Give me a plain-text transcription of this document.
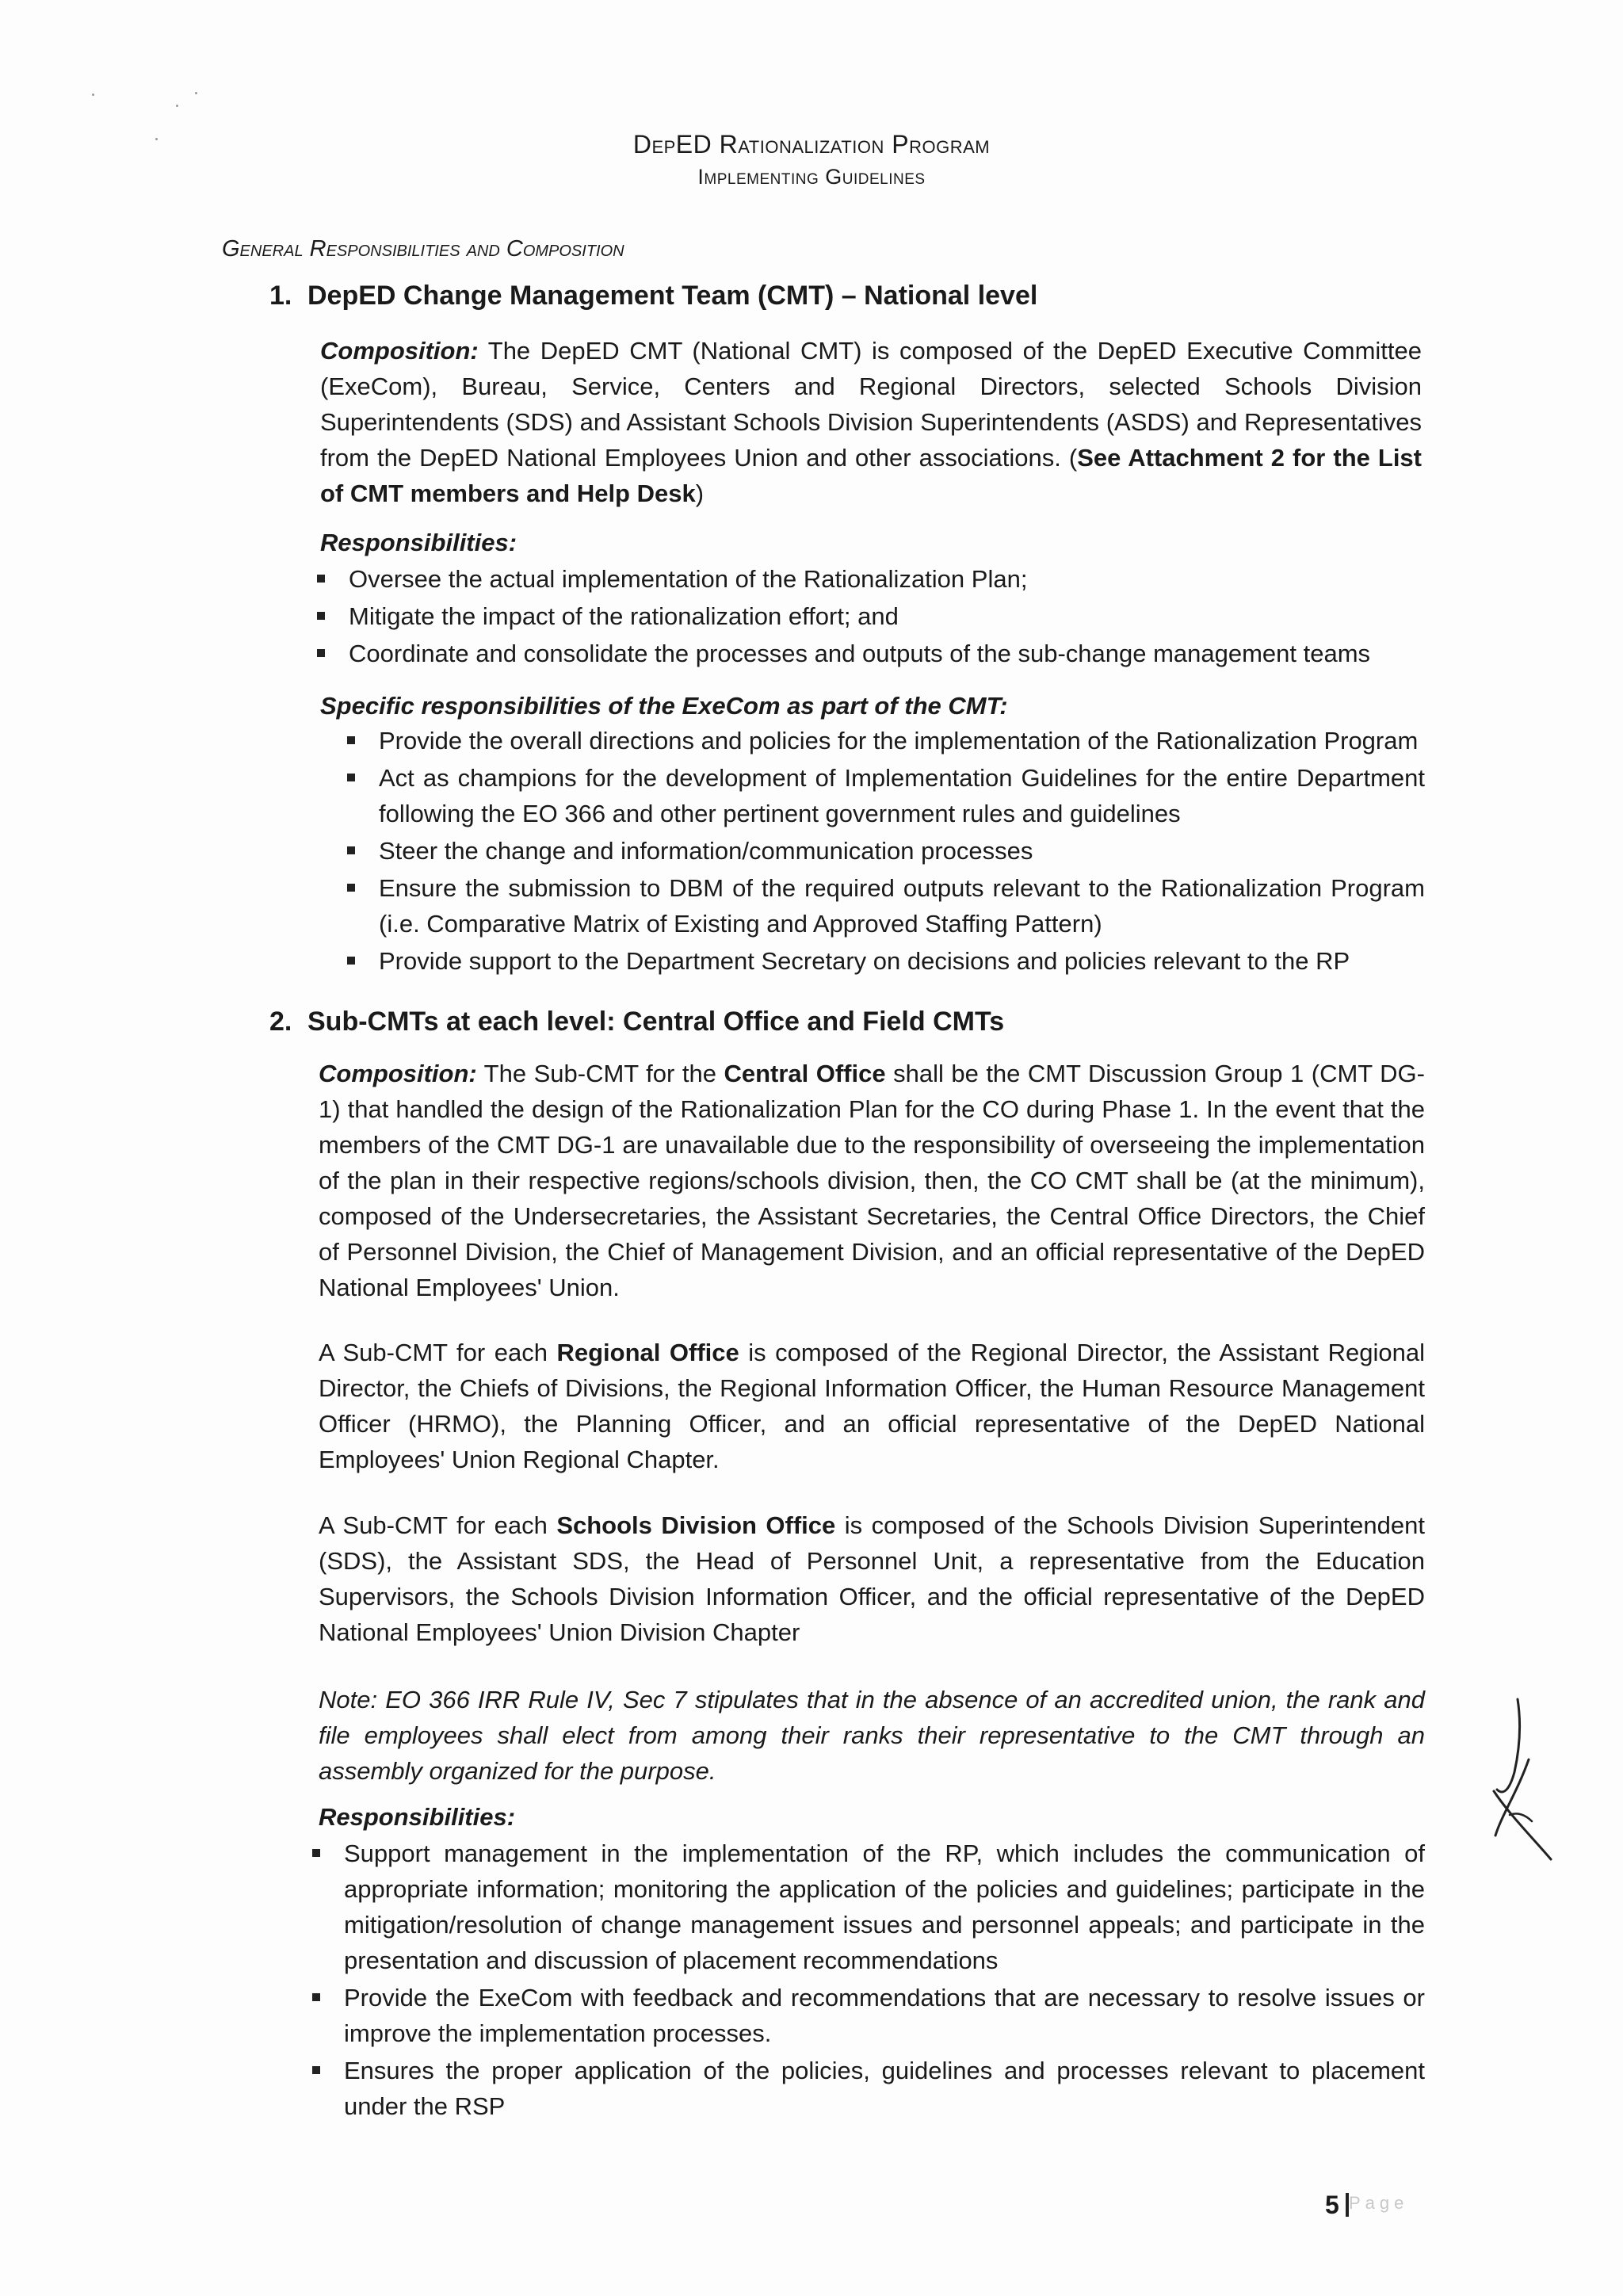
DepED Rationalization Program
Implementing Guidelines
General Responsibilities and Composition
1. DepED Change Management Team (CMT) – National level
Composition: The DepED CMT (National CMT) is composed of the DepED Executive Committee (ExeCom), Bureau, Service, Centers and Regional Directors, selected Schools Division Superintendents (SDS) and Assistant Schools Division Superintendents (ASDS) and Representatives from the DepED National Employees Union and other associations. (See Attachment 2 for the List of CMT members and Help Desk)
Responsibilities:
Oversee the actual implementation of the Rationalization Plan;
Mitigate the impact of the rationalization effort; and
Coordinate and consolidate the processes and outputs of the sub-change management teams
Specific responsibilities of the ExeCom as part of the CMT:
Provide the overall directions and policies for the implementation of the Rationalization Program
Act as champions for the development of Implementation Guidelines for the entire Department following the EO 366 and other pertinent government rules and guidelines
Steer the change and information/communication processes
Ensure the submission to DBM of the required outputs relevant to the Rationalization Program (i.e. Comparative Matrix of Existing and Approved Staffing Pattern)
Provide support to the Department Secretary on decisions and policies relevant to the RP
2. Sub-CMTs at each level: Central Office and Field CMTs
Composition: The Sub-CMT for the Central Office shall be the CMT Discussion Group 1 (CMT DG-1) that handled the design of the Rationalization Plan for the CO during Phase 1. In the event that the members of the CMT DG-1 are unavailable due to the responsibility of overseeing the implementation of the plan in their respective regions/schools division, then, the CO CMT shall be (at the minimum), composed of the Undersecretaries, the Assistant Secretaries, the Central Office Directors, the Chief of Personnel Division, the Chief of Management Division, and an official representative of the DepED National Employees' Union.
A Sub-CMT for each Regional Office is composed of the Regional Director, the Assistant Regional Director, the Chiefs of Divisions, the Regional Information Officer, the Human Resource Management Officer (HRMO), the Planning Officer, and an official representative of the DepED National Employees' Union Regional Chapter.
A Sub-CMT for each Schools Division Office is composed of the Schools Division Superintendent (SDS), the Assistant SDS, the Head of Personnel Unit, a representative from the Education Supervisors, the Schools Division Information Officer, and the official representative of the DepED National Employees' Union Division Chapter
Note: EO 366 IRR Rule IV, Sec 7 stipulates that in the absence of an accredited union, the rank and file employees shall elect from among their ranks their representative to the CMT through an assembly organized for the purpose.
Responsibilities:
Support management in the implementation of the RP, which includes the communication of appropriate information; monitoring the application of the policies and guidelines; participate in the mitigation/resolution of change management issues and personnel appeals; and participate in the presentation and discussion of placement recommendations
Provide the ExeCom with feedback and recommendations that are necessary to resolve issues or improve the implementation processes.
Ensures the proper application of the policies, guidelines and processes relevant to placement under the RSP
5 Page
